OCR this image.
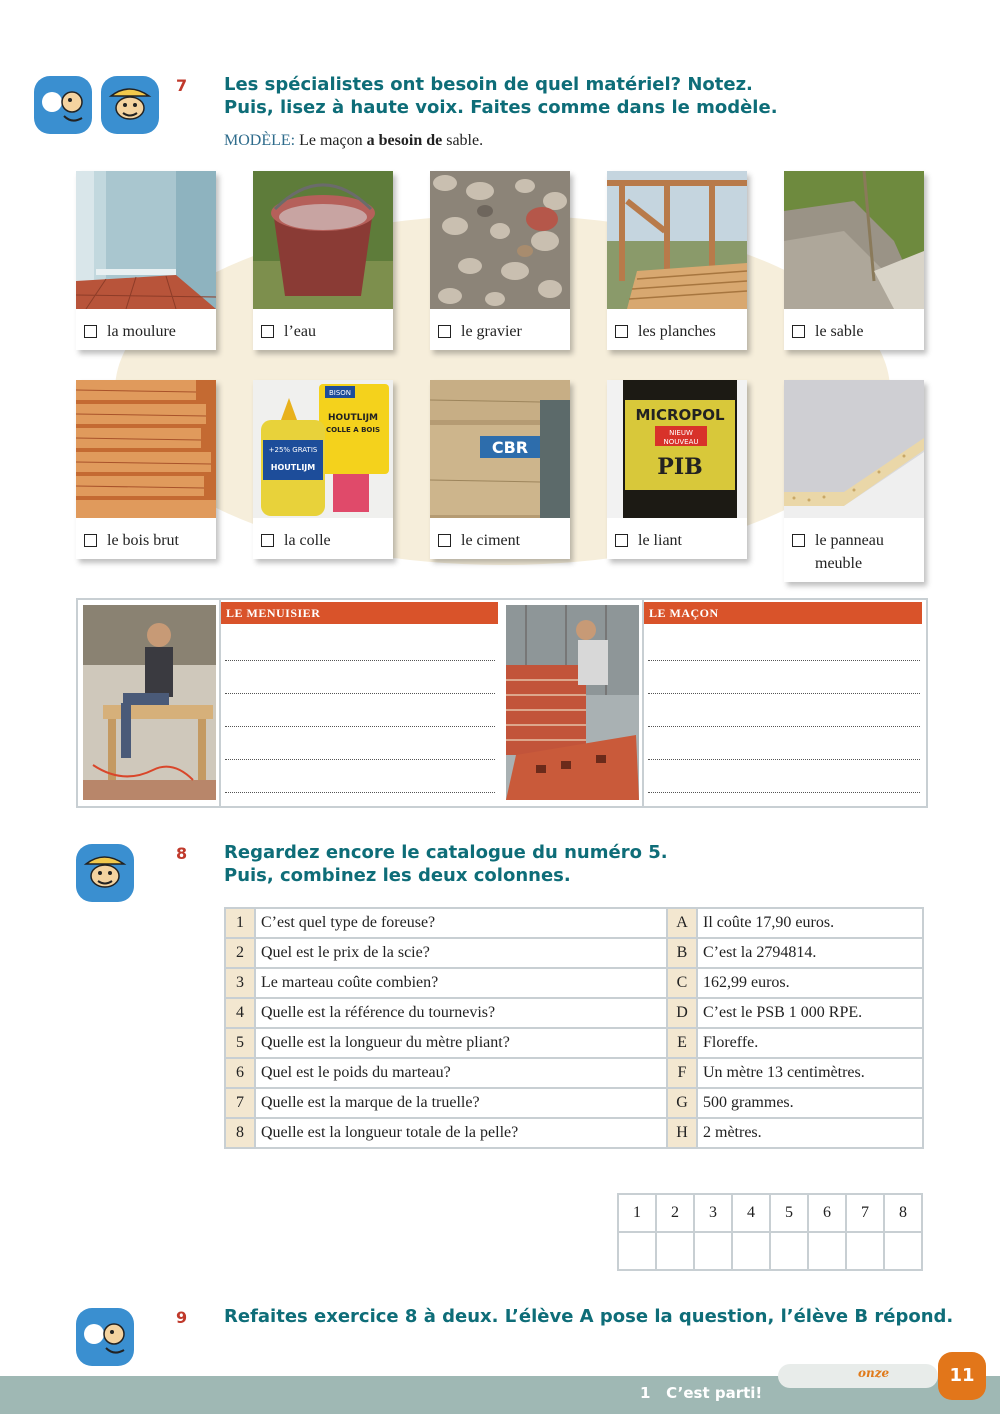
7 Les spécialistes ont besoin de quel matériel? Notez.
Puis, lisez à haute voix. Faites comme dans le modèle.
MODÈLE: Le maçon a besoin de sable.
la moulure	l’eau	le gravier	les planches	le sable
le bois brut
BISON
HOUTLIJM
COLLE A BOIS
+25% GRATIS
HOUTLIJM
la colle
CBR
le ciment
MICROPOL
NIEUW
NOUVEAU
PIB
le liant	le panneau meuble
LE MENUISIER	LE MAÇON
8 Regardez encore le catalogue du numéro 5.
Puis, combinez les deux colonnes.
1	C’est quel type de foreuse?	A	Il coûte 17,90 euros.
2	Quel est le prix de la scie?	B	C’est la 2794814.
3	Le marteau coûte combien?	C	162,99 euros.
4	Quelle est la référence du tournevis?	D	C’est le PSB 1 000 RPE.
5	Quelle est la longueur du mètre pliant?	E	Floreffe.
6	Quel est le poids du marteau?	F	Un mètre 13 centimètres.
7	Quelle est la marque de la truelle?	G	500 grammes.
8	Quelle est la longueur totale de la pelle?	H	2 mètres.
1	2	3	4	5	6	7	8

9 Refaites exercice 8 à deux. L’élève A pose la question, l’élève B répond.
1   C’est parti!
onze	11
